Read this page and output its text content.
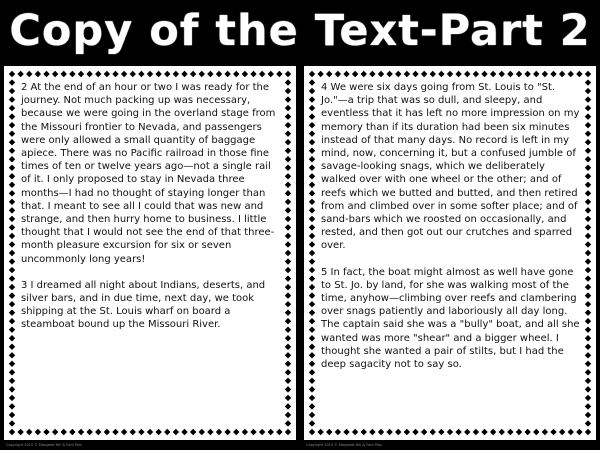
Copy of the Text-Part 2

2 At the end of an hour or two I was ready for the journey. Not much packing up was necessary, because we were going in the overland stage from the Missouri frontier to Nevada, and passengers were only allowed a small quantity of baggage apiece. There was no Pacific railroad in those fine times of ten or twelve years ago—not a single rail of it. I only proposed to stay in Nevada three months—I had no thought of staying longer than that. I meant to see all I could that was new and strange, and then hurry home to business. I little thought that I would not see the end of that three-month pleasure excursion for six or seven uncommonly long years!

3 I dreamed all night about Indians, deserts, and silver bars, and in due time, next day, we took shipping at the St. Louis wharf on board a steamboat bound up the Missouri River.

4 We were six days going from St. Louis to "St. Jo."—a trip that was so dull, and sleepy, and eventless that it has left no more impression on my memory than if its duration had been six minutes instead of that many days. No record is left in my mind, now, concerning it, but a confused jumble of savage-looking snags, which we deliberately walked over with one wheel or the other; and of reefs which we butted and butted, and then retired from and climbed over in some softer place; and of sand-bars which we roosted on occasionally, and rested, and then got out our crutches and sparred over.

5 In fact, the boat might almost as well have gone to St. Jo. by land, for she was walking most of the time, anyhow—climbing over reefs and clambering over snags patiently and laboriously all day long. The captain said she was a "bully" boat, and all she wanted was more "shear" and a bigger wheel. I thought she wanted a pair of stilts, but I had the deep sagacity not to say so.

Copyright 2015 © Margaret Hill & Font Pals	Copyright 2015 © Margaret Hill & Font Pals
